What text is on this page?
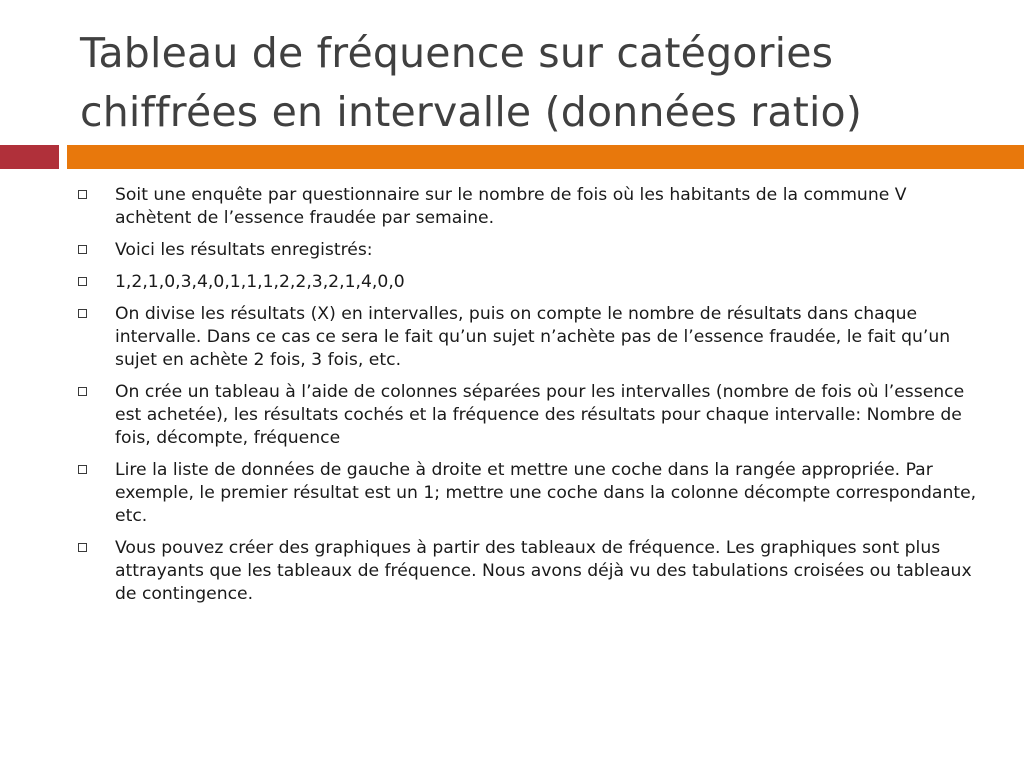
Tableau de fréquence sur catégories chiffrées en intervalle (données ratio)
Soit une enquête par questionnaire sur le nombre de fois où les habitants de la commune V achètent de l’essence fraudée par semaine.
Voici les résultats enregistrés:
1,2,1,0,3,4,0,1,1,1,2,2,3,2,1,4,0,0
On divise les résultats (X) en intervalles, puis on compte le nombre de résultats dans chaque intervalle. Dans ce cas ce sera le fait qu’un sujet n’achète pas de l’essence fraudée, le fait qu’un sujet en achète 2 fois, 3 fois, etc.
On crée un tableau à l’aide de colonnes séparées pour les intervalles (nombre de fois où l’essence est achetée), les résultats cochés et la fréquence des résultats pour chaque intervalle: Nombre de fois, décompte, fréquence
Lire la liste de données de gauche à droite et mettre une coche dans la rangée appropriée. Par exemple, le premier résultat est un 1; mettre une coche dans la colonne décompte correspondante, etc.
Vous pouvez créer des graphiques à partir des tableaux de fréquence. Les graphiques sont plus attrayants que les tableaux de fréquence. Nous avons déjà vu des tabulations croisées ou tableaux de contingence.
